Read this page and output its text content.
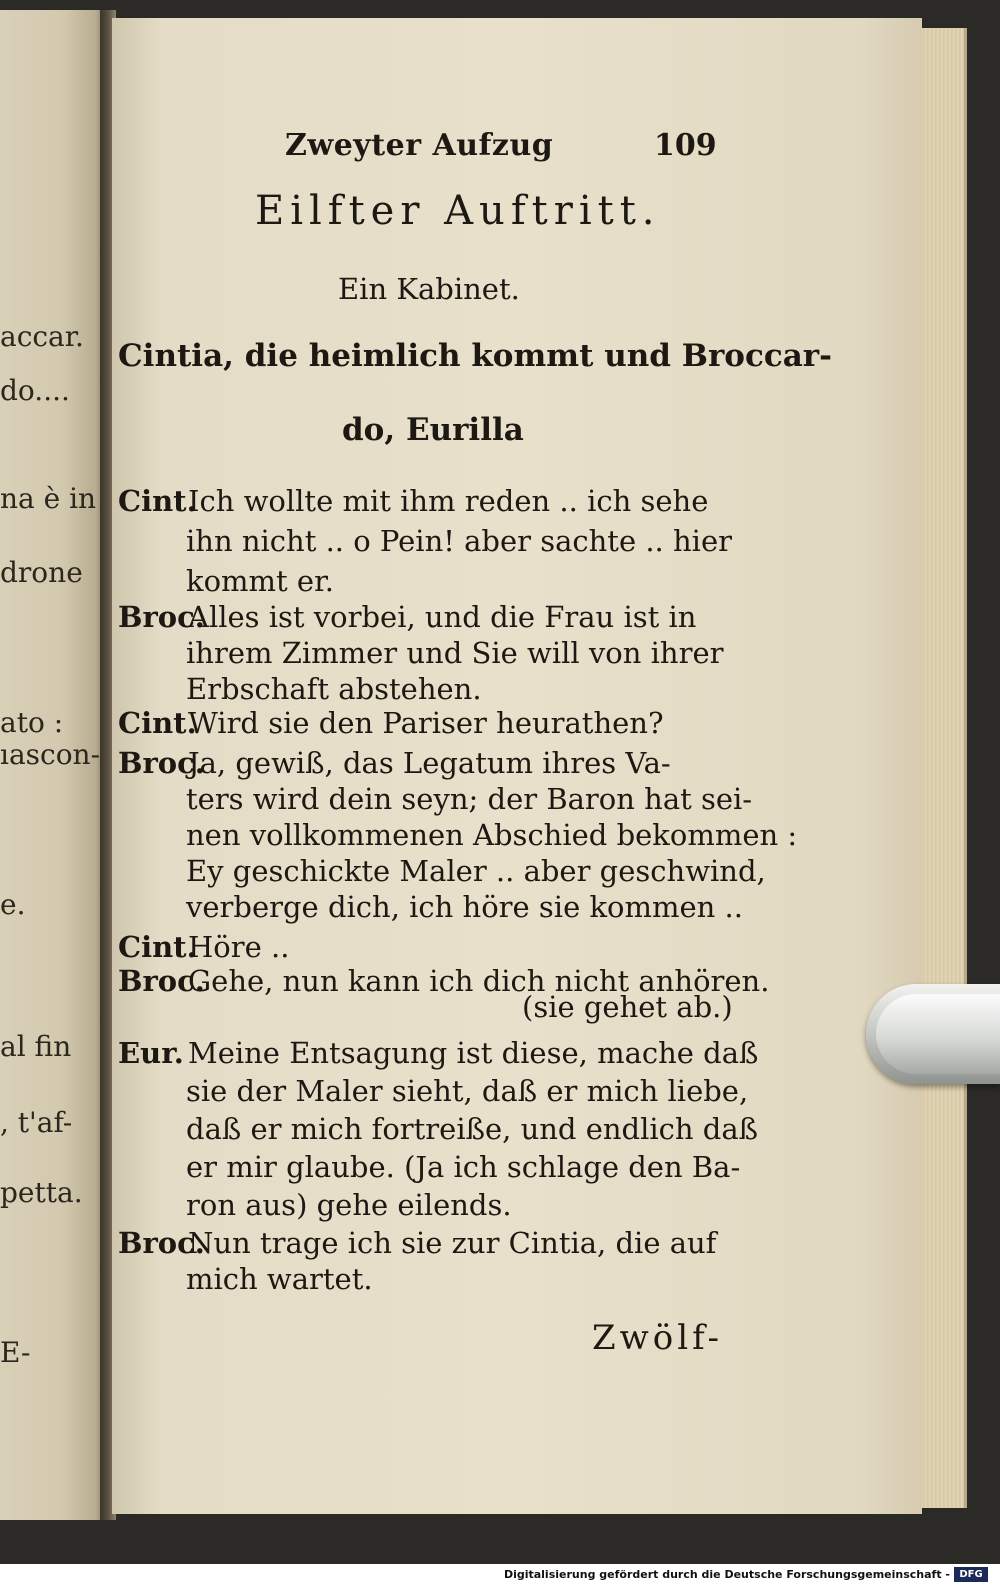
accar.
do....
na è in
drone
ato :
ıascon-
e.
al fin
, t'af-
petta.
E-
Zweyter Aufzug	109
Eilfter Auftritt.
Ein Kabinet.
Cintia, die heimlich kommt und Broccar-
do, Eurilla
Cint.Ich wollte mit ihm reden .. ich sehe
ihn nicht .. o Pein! aber sachte .. hier
kommt er.
Broc.Alles ist vorbei, und die Frau ist in
ihrem Zimmer und Sie will von ihrer
Erbschaft abstehen.
Cint.Wird sie den Pariser heurathen?
Broc.Ja, gewiß, das Legatum ihres Va-
ters wird dein seyn; der Baron hat sei-
nen vollkommenen Abschied bekommen :
Ey geschickte Maler .. aber geschwind,
verberge dich, ich höre sie kommen ..
Cint.Höre ..
Broc.Gehe, nun kann ich dich nicht anhören.
(sie gehet ab.)
Eur. Meine Entsagung ist diese, mache daß
sie der Maler sieht, daß er mich liebe,
daß er mich fortreiße, und endlich daß
er mir glaube. (Ja ich schlage den Ba-
ron aus) gehe eilends.
Broc.Nun trage ich sie zur Cintia, die auf
mich wartet.
Zwölf-
Digitalisierung gefördert durch die Deutsche Forschungsgemeinschaft - DFG
